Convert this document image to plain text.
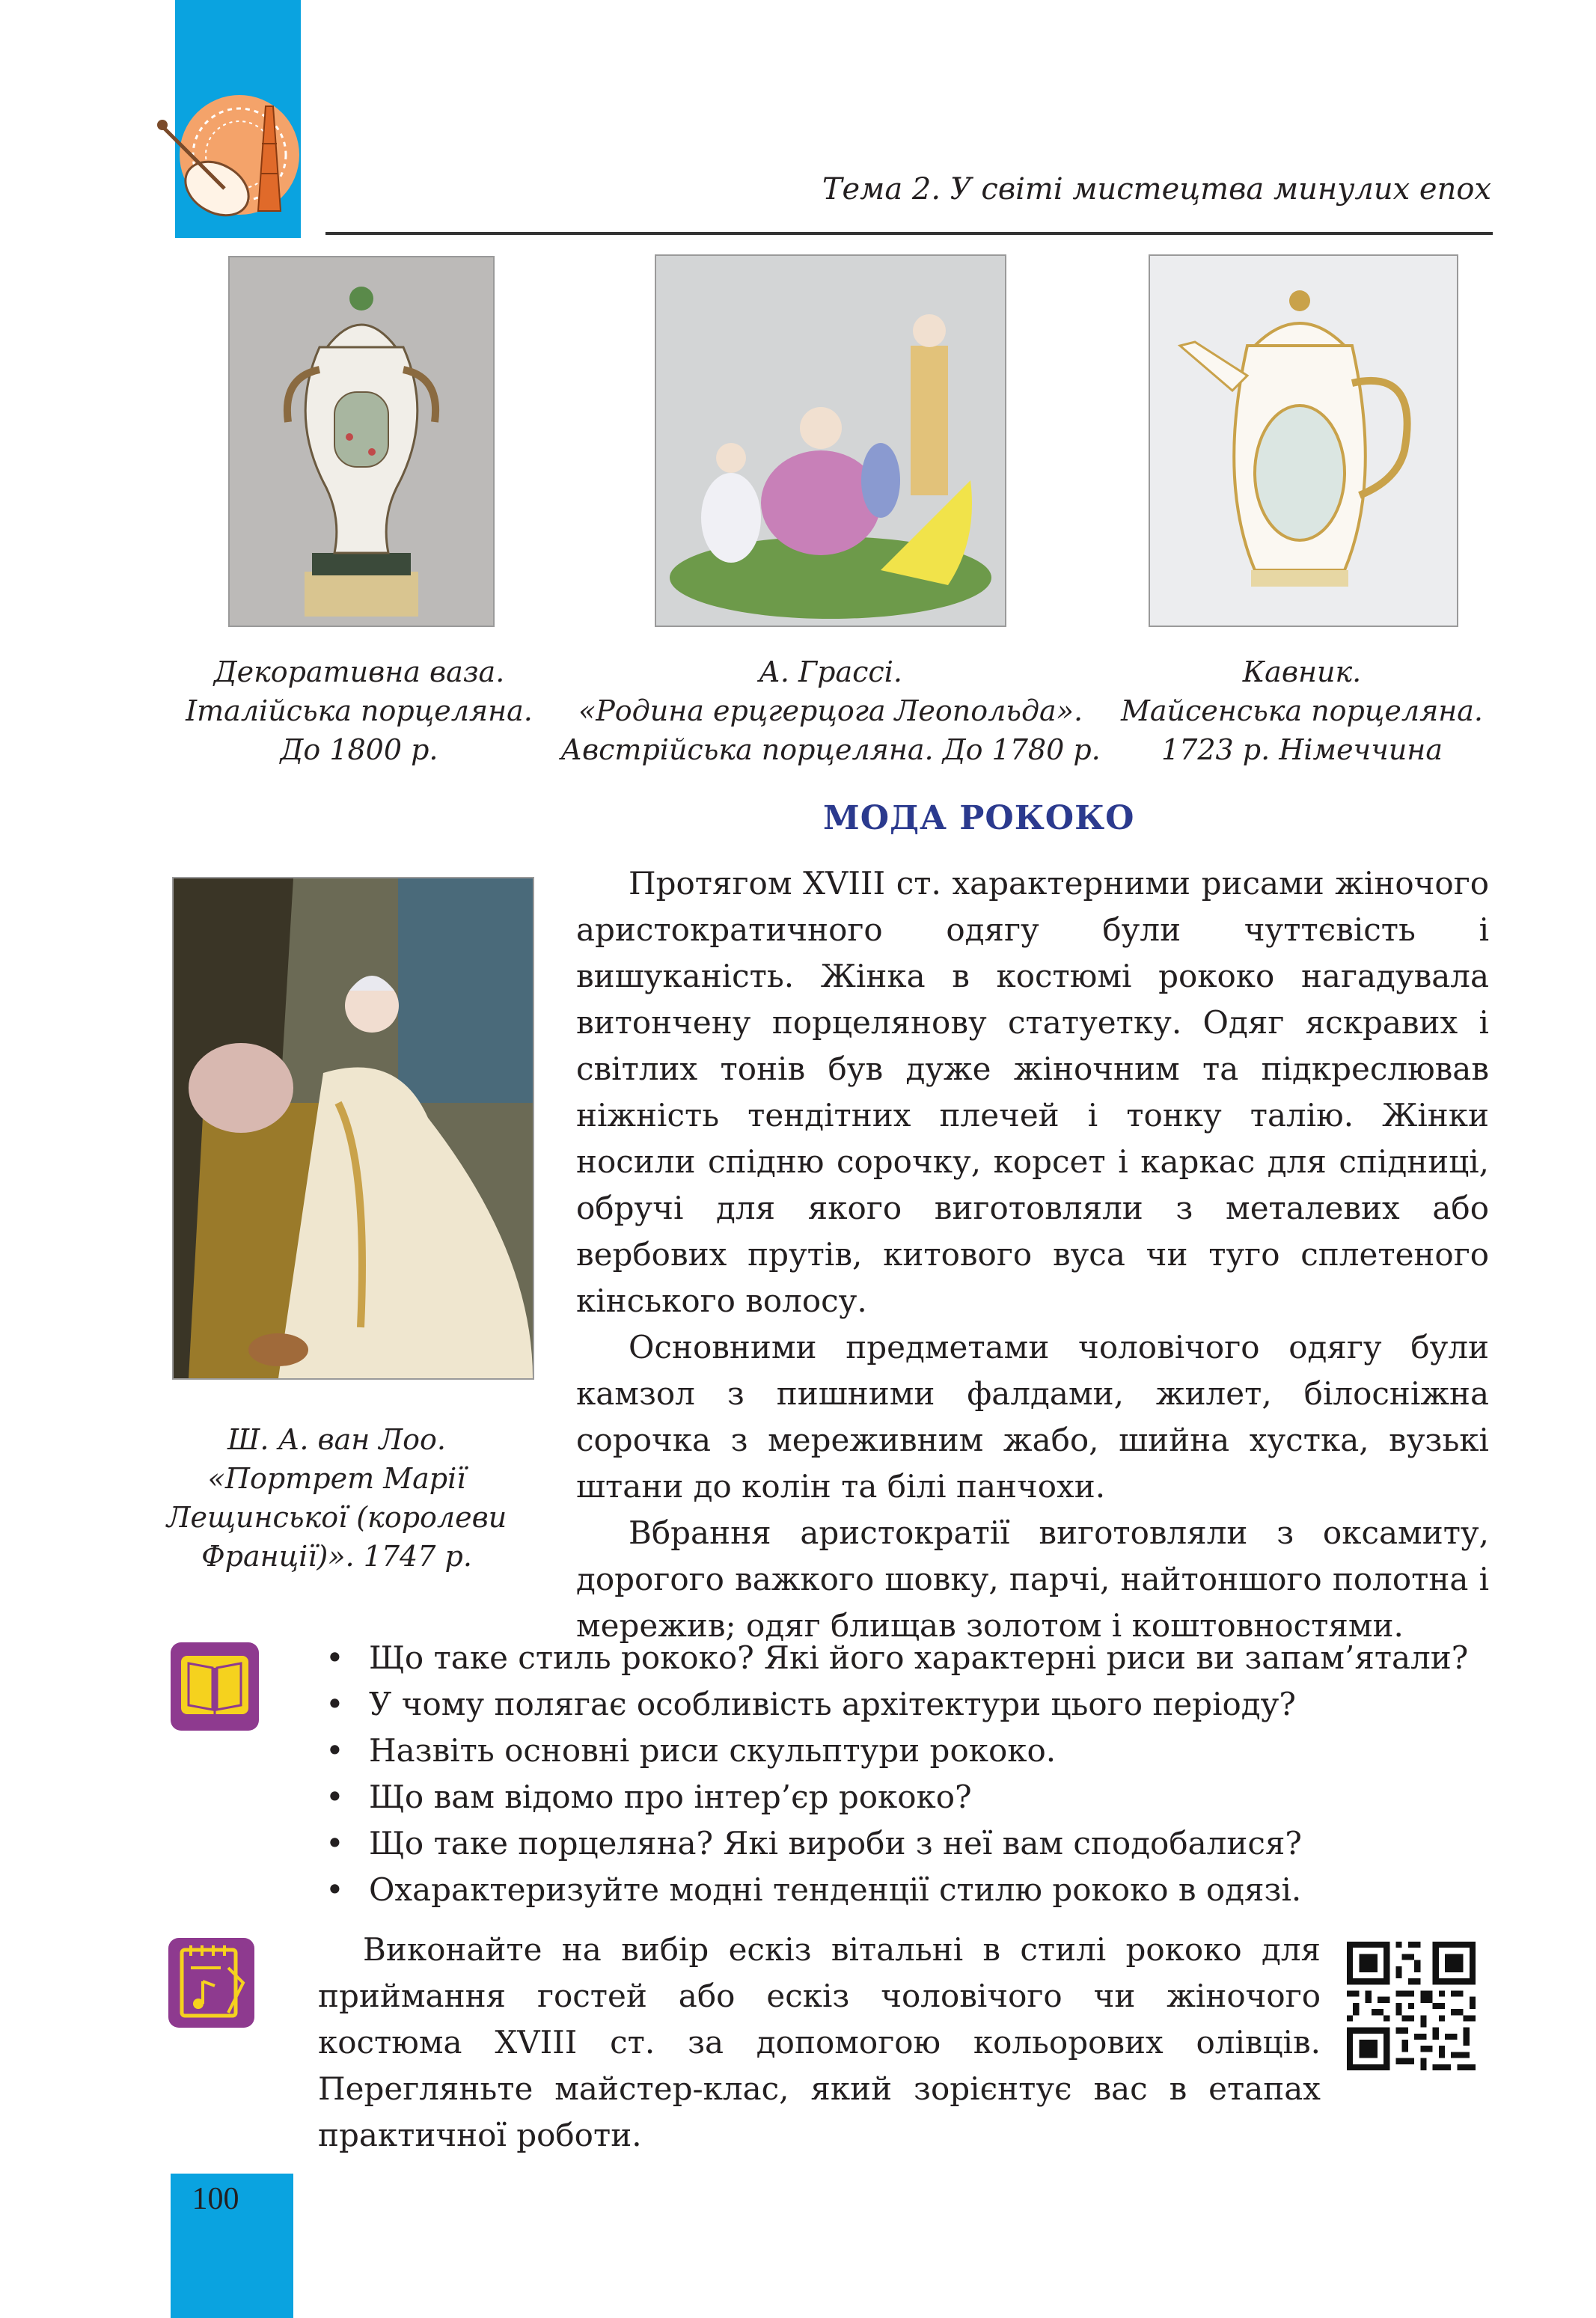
100
Тема 2. У світі мистецтва минулих епох
Декоративна ваза.
Італійська порцеляна.
До 1800 р.
А. Грассі.
«Родина ерцгерцога Леопольда».
Австрійська порцеляна. До 1780 р.
Кавник.
Майсенська порцеляна.
1723 р. Німеччина
МОДА РОКОКО
Ш. А. ван Лоо.
«Портрет Марії
Лещинської (королеви
Франції)». 1747 р.

Протягом XVIII ст. характерними рисами жіночого аристократичного одягу були чуттєвість і вишуканість. Жінка в костюмі рококо нагадувала витончену порцелянову статуетку. Одяг яскравих і світлих тонів був дуже жіночним та підкреслював ніжність тендітних плечей і тонку талію. Жінки носили спідню сорочку, корсет і каркас для спідниці, обручі для якого виготовляли з металевих або вербових прутів, китового вуса чи туго сплетеного кінського волосу.

Основними предметами чоловічого одягу були камзол з пишними фалдами, жилет, білосніжна сорочка з мереживним жабо, шийна хустка, вузькі штани до колін та білі панчохи.

Вбрання аристократії виготовляли з оксамиту, дорогого важкого шовку, парчі, найтоншого полотна і мережив; одяг блищав золотом і коштовностями.

• Що таке стиль рококо? Які його характерні риси ви запам’ятали?
• У чому полягає особливість архітектури цього періоду?
• Назвіть основні риси скульптури рококо.
• Що вам відомо про інтер’єр рококо?
• Що таке порцеляна? Які вироби з неї вам сподобалися?
• Охарактеризуйте модні тенденції стилю рококо в одязі.

Виконайте на вибір ескіз вітальні в стилі рококо для приймання гостей або ескіз чоловічого чи жіночого костюма XVIII ст. за допомогою кольорових олівців. Перегляньте майстер-клас, який зорієнтує вас в етапах практичної роботи.
